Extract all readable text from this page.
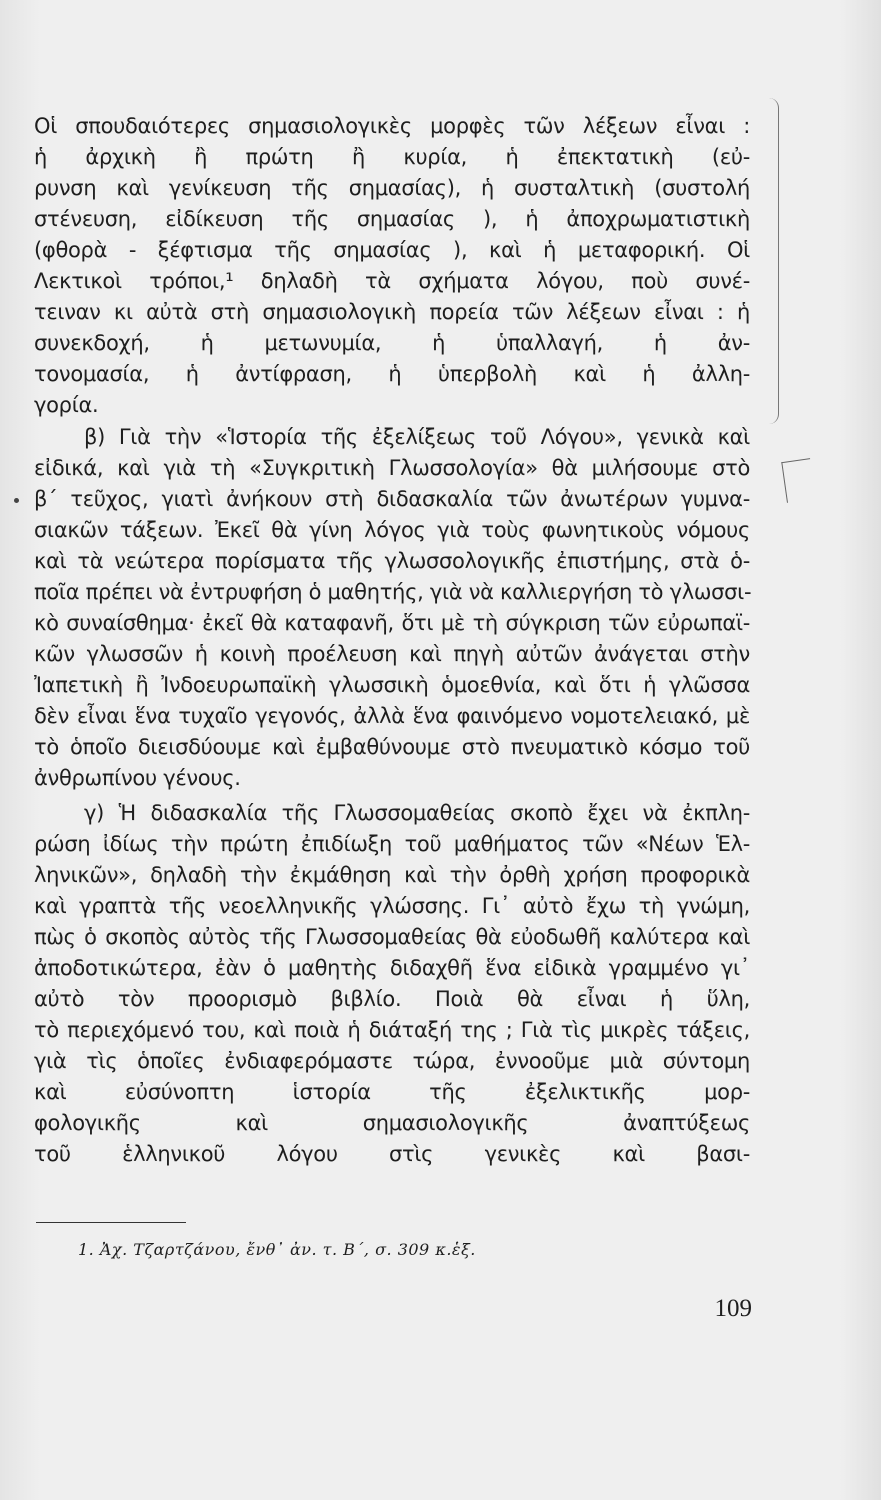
Οἱ σπουδαιότερες σημασιολογικὲς μορφὲς τῶν λέξεων εἶναι :
ἡ ἀρχικὴ ἢ πρώτη ἢ κυρία, ἡ ἐπεκτατικὴ (εὐ-
ρυνση καὶ γενίκευση τῆς σημασίας), ἡ συσταλτικὴ (συστολή
στένευση, εἰδίκευση τῆς σημασίας ), ἡ ἀποχρωματιστικὴ
(φθορὰ - ξέφτισμα τῆς σημασίας ), καὶ ἡ μεταφορική. Οἱ
Λεκτικοὶ τρόποι,¹ δηλαδὴ τὰ σχήματα λόγου, ποὺ συνέ-
τειναν κι αὐτὰ στὴ σημασιολογικὴ πορεία τῶν λέξεων εἶναι : ἡ
συνεκδοχή, ἡ μετωνυμία, ἡ ὑπαλλαγή, ἡ ἀν-
τονομασία, ἡ ἀντίφραση, ἡ ὑπερβολὴ καὶ ἡ ἀλλη-
γορία.
β) Γιὰ τὴν «Ἱστορία τῆς ἐξελίξεως τοῦ Λόγου», γενικὰ καὶ
εἰδικά, καὶ γιὰ τὴ «Συγκριτικὴ Γλωσσολογία» θὰ μιλήσουμε στὸ
β΄ τεῦχος, γιατὶ ἀνήκουν στὴ διδασκαλία τῶν ἀνωτέρων γυμνα-
σιακῶν τάξεων. Ἐκεῖ θὰ γίνη λόγος γιὰ τοὺς φωνητικοὺς νόμους
καὶ τὰ νεώτερα πορίσματα τῆς γλωσσολογικῆς ἐπιστήμης, στὰ ὁ-
ποῖα πρέπει νὰ ἐντρυφήση ὁ μαθητής, γιὰ νὰ καλλιεργήση τὸ γλωσσι-
κὸ συναίσθημα· ἐκεῖ θὰ καταφανῆ, ὅτι μὲ τὴ σύγκριση τῶν εὐρωπαϊ-
κῶν γλωσσῶν ἡ κοινὴ προέλευση καὶ πηγὴ αὐτῶν ἀνάγεται στὴν
Ἰαπετικὴ ἢ Ἰνδοευρωπαϊκὴ γλωσσικὴ ὁμοεθνία, καὶ ὅτι ἡ γλῶσσα
δὲν εἶναι ἕνα τυχαῖο γεγονός, ἀλλὰ ἕνα φαινόμενο νομοτελειακό, μὲ
τὸ ὁποῖο διεισδύουμε καὶ ἐμβαθύνουμε στὸ πνευματικὸ κόσμο τοῦ
ἀνθρωπίνου γένους.
γ) Ἡ διδασκαλία τῆς Γλωσσομαθείας σκοπὸ ἔχει νὰ ἐκπλη-
ρώση ἰδίως τὴν πρώτη ἐπιδίωξη τοῦ μαθήματος τῶν «Νέων Ἑλ-
ληνικῶν», δηλαδὴ τὴν ἐκμάθηση καὶ τὴν ὀρθὴ χρήση προφορικὰ
καὶ γραπτὰ τῆς νεοελληνικῆς γλώσσης. Γι᾽ αὐτὸ ἔχω τὴ γνώμη,
πὼς ὁ σκοπὸς αὐτὸς τῆς Γλωσσομαθείας θὰ εὐοδωθῆ καλύτερα καὶ
ἀποδοτικώτερα, ἐὰν ὁ μαθητὴς διδαχθῆ ἕνα εἰδικὰ γραμμένο γι᾽
αὐτὸ τὸν προορισμὸ βιβλίο. Ποιὰ θὰ εἶναι ἡ ὕλη,
τὸ περιεχόμενό του, καὶ ποιὰ ἡ διάταξή της ; Γιὰ τὶς μικρὲς τάξεις,
γιὰ τὶς ὁποῖες ἐνδιαφερόμαστε τώρα, ἐννοοῦμε μιὰ σύντομη
καὶ εὐσύνοπτη ἱστορία τῆς ἐξελικτικῆς μορ-
φολογικῆς καὶ σημασιολογικῆς ἀναπτύξεως
τοῦ ἑλληνικοῦ λόγου στὶς γενικὲς καὶ βασι-
1. Ἀχ. Τζαρτζάνου, ἔνθ᾽ ἀν. τ. Β΄, σ. 309 κ.ἑξ.
109
